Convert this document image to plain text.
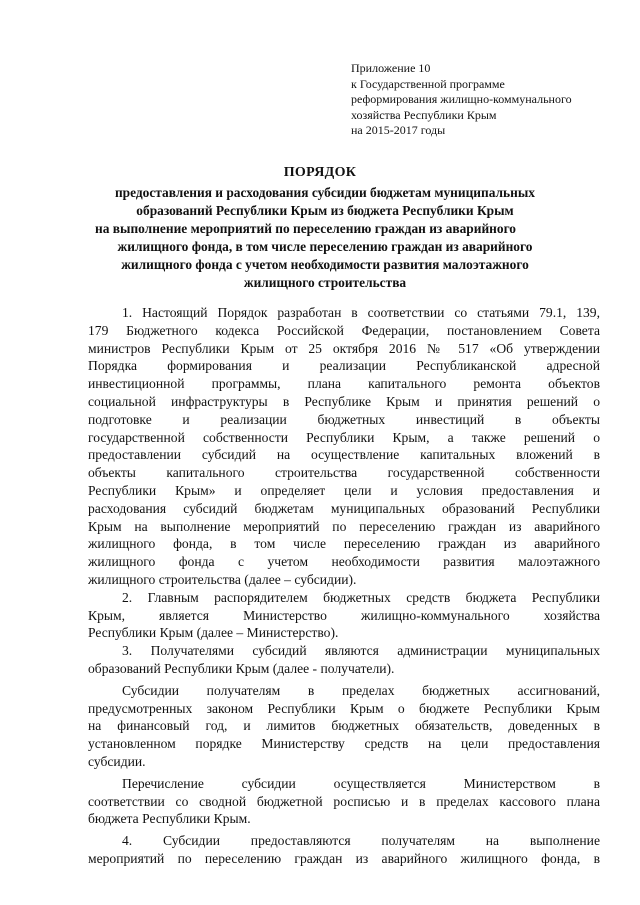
Приложение 10
к Государственной программе
реформирования жилищно-коммунального
хозяйства Республики Крым
на 2015-2017 годы
ПОРЯДОК
предоставления и расходования субсидии бюджетам муниципальных
образований Республики Крым из бюджета Республики Крым
на выполнение мероприятий по переселению граждан из аварийного
жилищного фонда, в том числе переселению граждан из аварийного
жилищного фонда с учетом необходимости развития малоэтажного
жилищного строительства
1. Настоящий Порядок разработан в соответствии со статьями 79.1, 139,
179 Бюджетного кодекса Российской Федерации, постановлением Совета
министров Республики Крым от 25 октября 2016 № 517 «Об утверждении
Порядка формирования и реализации Республиканской адресной
инвестиционной программы, плана капитального ремонта объектов
социальной инфраструктуры в Республике Крым и принятия решений о
подготовке и реализации бюджетных инвестиций в объекты
государственной собственности Республики Крым, а также решений о
предоставлении субсидий на осуществление капитальных вложений в
объекты капитального строительства государственной собственности
Республики Крым» и определяет цели и условия предоставления и
расходования субсидий бюджетам муниципальных образований Республики
Крым на выполнение мероприятий по переселению граждан из аварийного
жилищного фонда, в том числе переселению граждан из аварийного
жилищного фонда с учетом необходимости развития малоэтажного
жилищного строительства (далее – субсидии).
2. Главным распорядителем бюджетных средств бюджета Республики
Крым, является Министерство жилищно-коммунального хозяйства
Республики Крым (далее – Министерство).
3. Получателями субсидий являются администрации муниципальных
образований Республики Крым (далее - получатели).
Субсидии получателям в пределах бюджетных ассигнований,
предусмотренных законом Республики Крым о бюджете Республики Крым
на финансовый год, и лимитов бюджетных обязательств, доведенных в
установленном порядке Министерству средств на цели предоставления
субсидии.
Перечисление субсидии осуществляется Министерством в
соответствии со сводной бюджетной росписью и в пределах кассового плана
бюджета Республики Крым.
4. Субсидии предоставляются получателям на выполнение
мероприятий по переселению граждан из аварийного жилищного фонда, в
